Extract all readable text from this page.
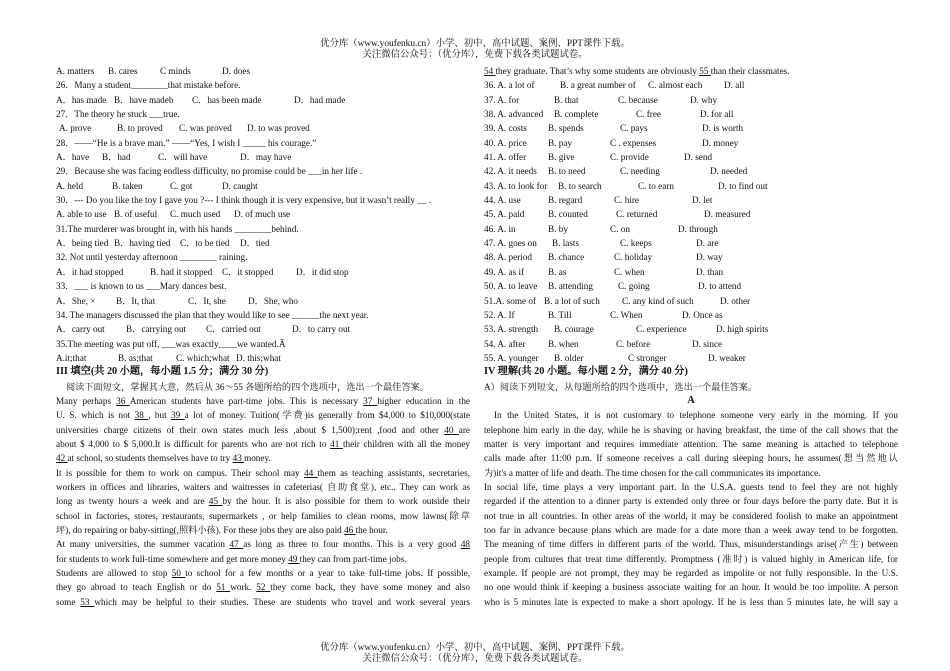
优分库（www.youfenku.cn）小学、初中、高中试题、案例、PPT课件下载。
关注微信公众号：（优分库），免费下载各类试题试卷。
A. matters B. cares C minds	D. does
26．Many a student________that mistake before.
A．has made B．have madeb C．has been made	D．had made
27．The theory he stuck ___true.
A. prove	B. to proved C. was proved D. to was proved
28．——“He is a brave man.” ——“Yes, I wish I _____ his courage.”
A．have B．had	C．will have	D．may have
29．Because she was facing endless difficulty, no promise could be ___in her life .
A. held	B. taken	C. got	D. caught
30．--- Do you like the toy I gave you ?--- I think though it is very expensive, but it wasn’t really __ .
A. able to use B. of useful C. much used D. of much use
31.The murderer was brought in, with his hands ________behind.
A．being tied B．having tied C．to be tied D．tied
32. Not until yesterday afternoon ________ raining.
A．it had stopped	B. had it stopped C．it stopped D．it did stop
33．___ is known to us ___Mary dances best.
A．She, × B．It, that	C．It, she D．She, who
34. The managers discussed the plan that they would like to see ______the next year.
A．carry out B．carrying out C．carried out	D．to carry out
35.The meeting was put off, ___was exactly____we wanted.Ã
A.it;that	B. as;that	C. which;what D. this;what
III 填空(共 20 小题，每小题 1.5 分；满分 30 分)
阅读下面短文，掌握其大意，然后从 36～55 各题所给的四个选项中，选出一个最佳答案。
Many perhaps 36 American students have part-time jobs. This is necessary 37 higher education in the
U. S. which is not 38 , but 39 a lot of money. Tuition(学费)is generally from $4,000 to $10,000(state
universities charge citizens of their own states much less ,about $ 1,500);rent ,food and other 40 are
about $ 4,000 to $ 5,000.It is difficult for parents who are not rich to 41 their children with all the money
42 at school, so students themselves have to try 43 money.
It is possible for them to work on campus. Their school may 44 them as teaching assistants, secretaries,
workers in offices and libraries, waiters and waitresses in cafeterias( 自助食堂), etc.. They can work as
long as twenty hours a week and are 45 by the hour. It is also possible for them to work outside their
school in factories, stores, restaurants, supermarkets , or help families to clean rooms, mow lawns(除草
坪), do repairing or baby-sitting(,照料小孩). For these jobs they are also paid 46 the hour.
At many universities, the summer vacation 47 as long as three to four months. This is a very good 48
for students to work full-time somewhere and get more money 49 they can from part-time jobs.
Students are allowed to stop 50 to school for a few months or a year to take full-time jobs. If possible,
they go abroad to teach English or do 51 work. 52 they come back, they have some money and also
some 53 which may be helpful to their studies. These are students who travel and work several years
54 they graduate. That’s why some students are obviously 55 than their classmates.
36. A. a lot of	B. a great number of C. almost each D. all
37. A. for	B. that	C. because	D. why
38. A. advanced B. complete	C. free	D. for all
39. A. costs B. spends	C. pays	D. is worth
40. A. price B. pay	C . expenses	D. money
41. A. offer B. give	C. provide	D. send
42. A. it needs B. to need	C. needing	D. needed
43. A. to look for B. to search	C. to earn	D. to find out
44. A. use	B. regard	C. hire	D. let
45. A. paid	B. counted	C. returned	D. measured
46. A. in	B. by	C. on	D. through
47. A. goes on B. lasts	C. keeps	D. are
48. A. period B. chance	C. holiday	D. way
49. A. as if	B. as	C. when	D. than
50. A. to leave B. attending	C. going	D. to attend
51.A. some of B. a lot of such C. any kind of such	D. other
52. A. If	B. Till	C. When	D. Once as
53. A. strength B. courage	C. experience	D. high spirits
54. A. after B. when	C. before	D. since
55. A. younger B. older	C stronger	D. weaker
IV 理解(共 20 小题。每小题 2 分，满分 40 分)
A）阅读下列短文，从每题所给的四个选项中，选出一个最佳答案。
A
In the United States, it is not customary to telephone someone very early in the morning. If you
telephone him early in the day, while he is shaving or having breakfast, the time of the call shows that the
matter is very important and requires immediate attention. The same meaning is attached to telephone
calls made after 11:00 p.m. If someone receives a call during sleeping hours, he assumes(想当然地认
为)it's a matter of life and death. The time chosen for the call communicates its importance.
In social life, time plays a very important part. In the U.S.A. guests tend to feel they are not highly
regarded if the attention to a dinner party is extended only three or four days before the party date. But it is
not true in all countries. In other areas of the world, it may be considered foolish to make an appointment
too far in advance because plans which are made for a date more than a week away tend to be forgotten.
The meaning of time differs in different parts of the world. Thus, misunderstandings arise(产生) between
people from cultures that treat time differently. Promptness (准时) is valued highly in American life, for
example. If people are not prompt, they may be regarded as impolite or not fully responsible. In the U.S.
no one would think if keeping a business associate waiting for an hour. It would be too impolite. A person
who is 5 minutes late is expected to make a short apology. If he is less than 5 minutes late, he will say a
优分库（www.youfenku.cn）小学、初中、高中试题、案例、PPT课件下载。
关注微信公众号：（优分库），免费下载各类试题试卷。
